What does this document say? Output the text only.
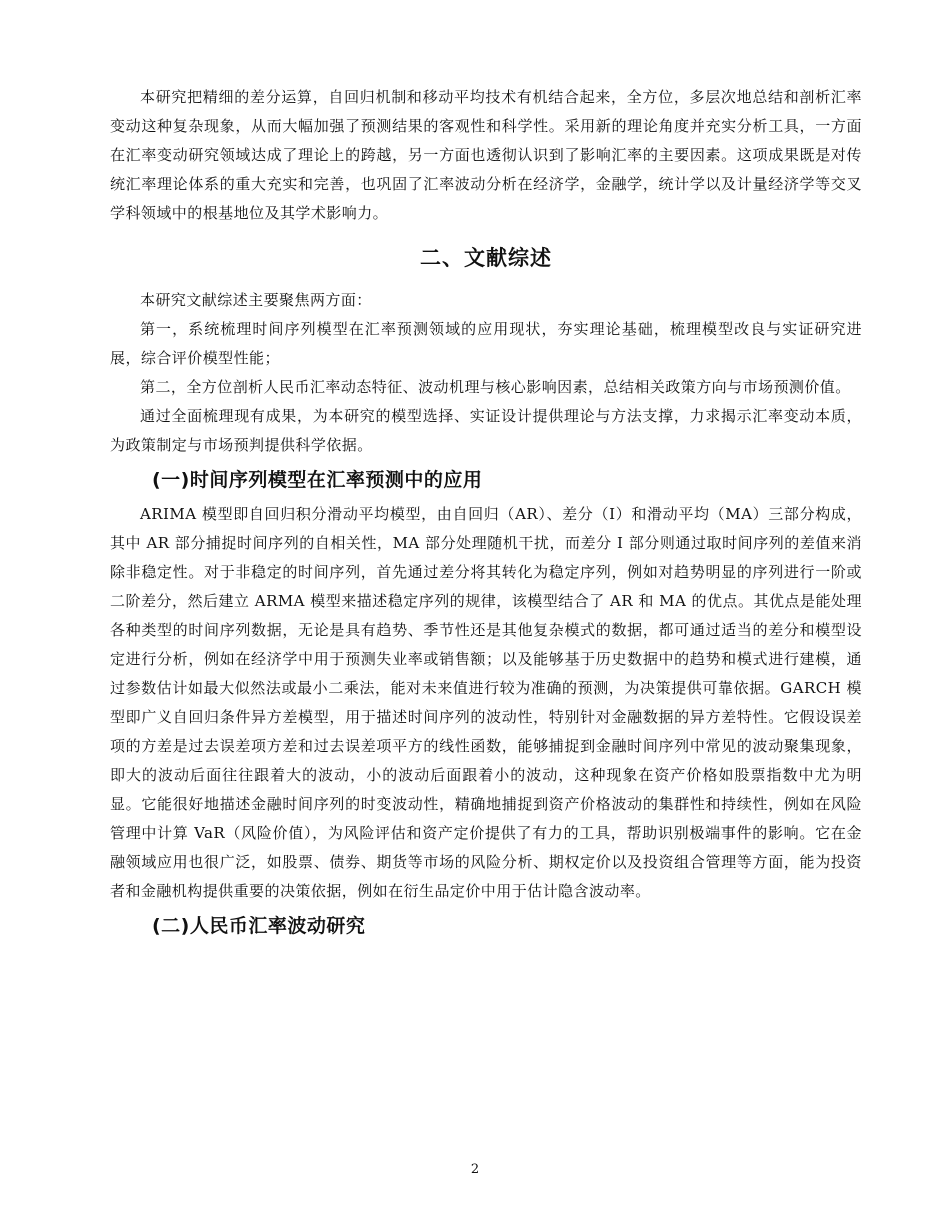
本研究把精细的差分运算，自回归机制和移动平均技术有机结合起来，全方位，多层次地总结和剖析汇率变动这种复杂现象，从而大幅加强了预测结果的客观性和科学性。采用新的理论角度并充实分析工具，一方面在汇率变动研究领域达成了理论上的跨越，另一方面也透彻认识到了影响汇率的主要因素。这项成果既是对传统汇率理论体系的重大充实和完善，也巩固了汇率波动分析在经济学，金融学，统计学以及计量经济学等交叉学科领域中的根基地位及其学术影响力。

二、文献综述

本研究文献综述主要聚焦两方面：

第一，系统梳理时间序列模型在汇率预测领域的应用现状，夯实理论基础，梳理模型改良与实证研究进展，综合评价模型性能；

第二，全方位剖析人民币汇率动态特征、波动机理与核心影响因素，总结相关政策方向与市场预测价值。

通过全面梳理现有成果，为本研究的模型选择、实证设计提供理论与方法支撑，力求揭示汇率变动本质，为政策制定与市场预判提供科学依据。

(一)时间序列模型在汇率预测中的应用

ARIMA 模型即自回归积分滑动平均模型，由自回归（AR）、差分（I）和滑动平均（MA）三部分构成，其中 AR 部分捕捉时间序列的自相关性，MA 部分处理随机干扰，而差分 I 部分则通过取时间序列的差值来消除非稳定性。对于非稳定的时间序列，首先通过差分将其转化为稳定序列，例如对趋势明显的序列进行一阶或二阶差分，然后建立 ARMA 模型来描述稳定序列的规律，该模型结合了 AR 和 MA 的优点。其优点是能处理各种类型的时间序列数据，无论是具有趋势、季节性还是其他复杂模式的数据，都可通过适当的差分和模型设定进行分析，例如在经济学中用于预测失业率或销售额；以及能够基于历史数据中的趋势和模式进行建模，通过参数估计如最大似然法或最小二乘法，能对未来值进行较为准确的预测，为决策提供可靠依据。GARCH 模型即广义自回归条件异方差模型，用于描述时间序列的波动性，特别针对金融数据的异方差特性。它假设误差项的方差是过去误差项方差和过去误差项平方的线性函数，能够捕捉到金融时间序列中常见的波动聚集现象，即大的波动后面往往跟着大的波动，小的波动后面跟着小的波动，这种现象在资产价格如股票指数中尤为明显。它能很好地描述金融时间序列的时变波动性，精确地捕捉到资产价格波动的集群性和持续性，例如在风险管理中计算 VaR（风险价值），为风险评估和资产定价提供了有力的工具，帮助识别极端事件的影响。它在金融领域应用也很广泛，如股票、债券、期货等市场的风险分析、期权定价以及投资组合管理等方面，能为投资者和金融机构提供重要的决策依据，例如在衍生品定价中用于估计隐含波动率。

(二)人民币汇率波动研究
2
